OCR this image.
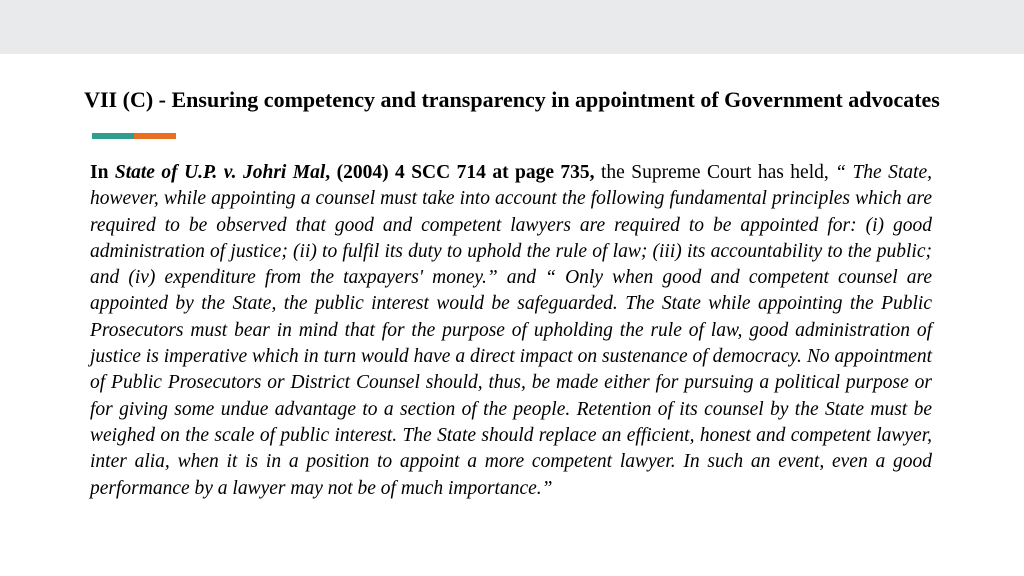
VII (C) - Ensuring competency and transparency in appointment of Government advocates

In State of U.P. v. Johri Mal, (2004) 4 SCC 714 at page 735, the Supreme Court has held, “ The State, however, while appointing a counsel must take into account the following fundamental principles which are required to be observed that good and competent lawyers are required to be appointed for: (i) good administration of justice; (ii) to fulfil its duty to uphold the rule of law; (iii) its accountability to the public; and (iv) expenditure from the taxpayers' money.” and “ Only when good and competent counsel are appointed by the State, the public interest would be safeguarded. The State while appointing the Public Prosecutors must bear in mind that for the purpose of upholding the rule of law, good administration of justice is imperative which in turn would have a direct impact on sustenance of democracy. No appointment of Public Prosecutors or District Counsel should, thus, be made either for pursuing a political purpose or for giving some undue advantage to a section of the people. Retention of its counsel by the State must be weighed on the scale of public interest. The State should replace an efficient, honest and competent lawyer, inter alia, when it is in a position to appoint a more competent lawyer. In such an event, even a good performance by a lawyer may not be of much importance.”
